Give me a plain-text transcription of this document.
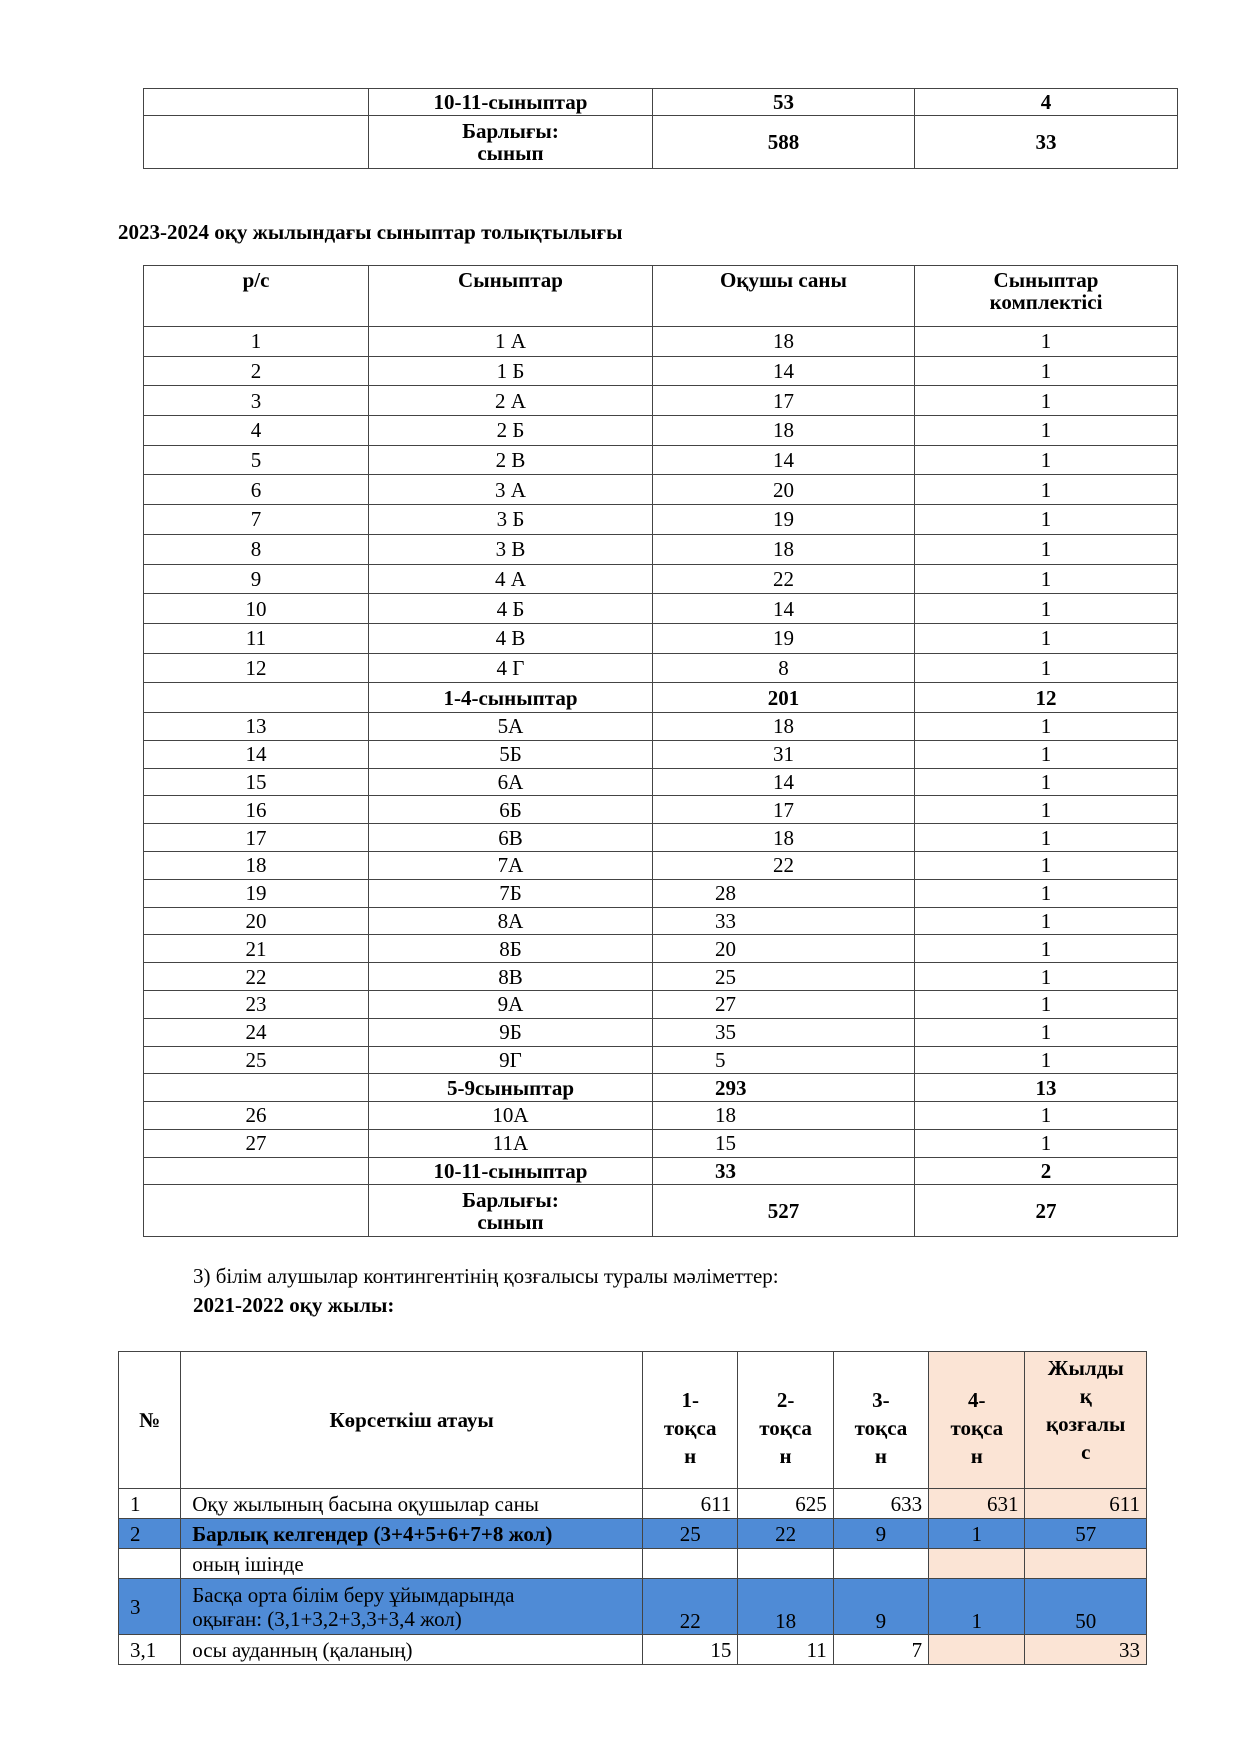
	10-11-сыныптар	53	4

	Барлығы:
сынып	588	33
2023-2024 оқу жылындағы сыныптар толықтылығы
р/с	Сыныптар	Оқушы саны	Сыныптар
комплектісі

1	1 А	18	1
2	1 Б	14	1
3	2 А	17	1
4	2 Б	18	1
5	2 В	14	1
6	3 А	20	1
7	3 Б	19	1
8	3 В	18	1
9	4 А	22	1
10	4 Б	14	1
11	4 В	19	1
12	4 Г	8	1
	1-4-сыныптар	201	12
13	5А	18	1
14	5Б	31	1
15	6А	14	1
16	6Б	17	1
17	6В	18	1
18	7А	22	1
19	7Б	28	1
20	8А	33	1
21	8Б	20	1
22	8В	25	1
23	9А	27	1
24	9Б	35	1
25	9Г	5	1
	5-9сыныптар	293	13
26	10А	18	1
27	11А	15	1
	10-11-сыныптар	33	2

	Барлығы:
сынып	527	27
3) білім алушылар контингентінің қозғалысы туралы мәліметтер:
2021-2022 оқу жылы:
№	Көрсеткіш атауы	1-
тоқса
н	2-
тоқса
н	3-
тоқса
н	4-
тоқса
н	Жылды
қ
қозғалы
с

1	Оқу жылының басына оқушылар саны	611	625	633	631	611
2	Барлық келгендер (3+4+5+6+7+8 жол)	25	22	9	1	57
	оның ішінде					
3	Басқа орта білім беру ұйымдарында
оқыған: (3,1+3,2+3,3+3,4 жол)	22	18	9	1	50
3,1	осы ауданның (қаланың)	15	11	7		33
